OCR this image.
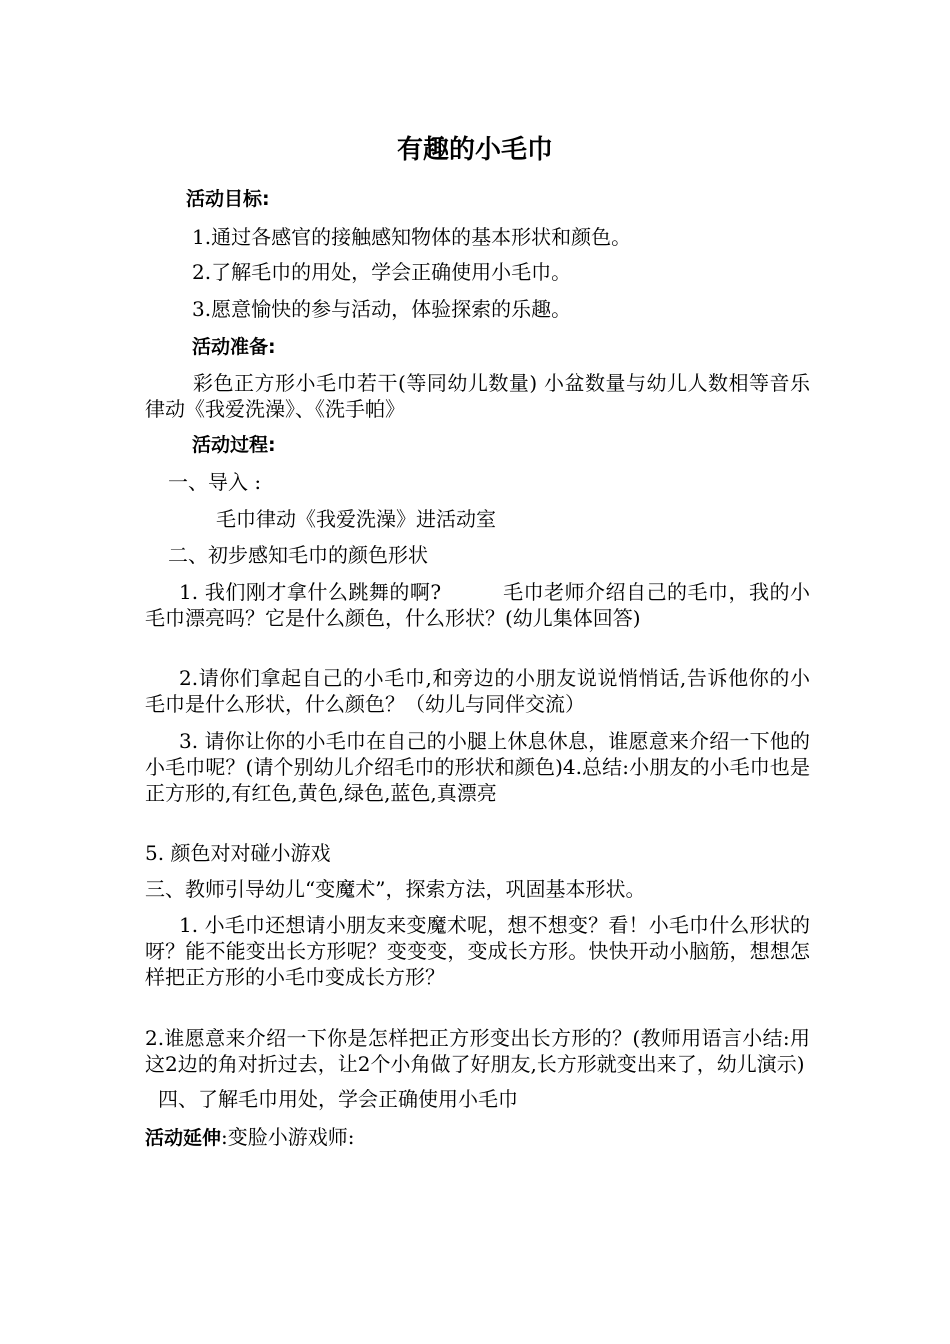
有趣的小毛巾
活动目标:
1.通过各感官的接触感知物体的基本形状和颜色。
2.了解毛巾的用处，学会正确使用小毛巾。
3.愿意愉快的参与活动，体验探索的乐趣。
活动准备:
彩色正方形小毛巾若干(等同幼儿数量) 小盆数量与幼儿人数相等音乐律动《我爱洗澡》、《洗手帕》
活动过程:
一、导入 :
毛巾律动《我爱洗澡》进活动室
二、初步感知毛巾的颜色形状
1. 我们刚才拿什么跳舞的啊?　　　毛巾老师介绍自己的毛巾，我的小毛巾漂亮吗？它是什么颜色，什么形状？(幼儿集体回答)
2.请你们拿起自己的小毛巾,和旁边的小朋友说说悄悄话,告诉他你的小毛巾是什么形状，什么颜色？（幼儿与同伴交流）
3. 请你让你的小毛巾在自己的小腿上休息休息，谁愿意来介绍一下他的小毛巾呢？(请个别幼儿介绍毛巾的形状和颜色)4.总结:小朋友的小毛巾也是正方形的,有红色,黄色,绿色,蓝色,真漂亮
5. 颜色对对碰小游戏
三、教师引导幼儿“变魔术”，探索方法，巩固基本形状。
1. 小毛巾还想请小朋友来变魔术呢，想不想变？看！小毛巾什么形状的呀？能不能变出长方形呢？变变变，变成长方形。快快开动小脑筋，想想怎样把正方形的小毛巾变成长方形？
2.谁愿意来介绍一下你是怎样把正方形变出长方形的？(教师用语言小结:用这2边的角对折过去，让2个小角做了好朋友,长方形就变出来了，幼儿演示)
四、了解毛巾用处，学会正确使用小毛巾
活动延伸:变脸小游戏师:
